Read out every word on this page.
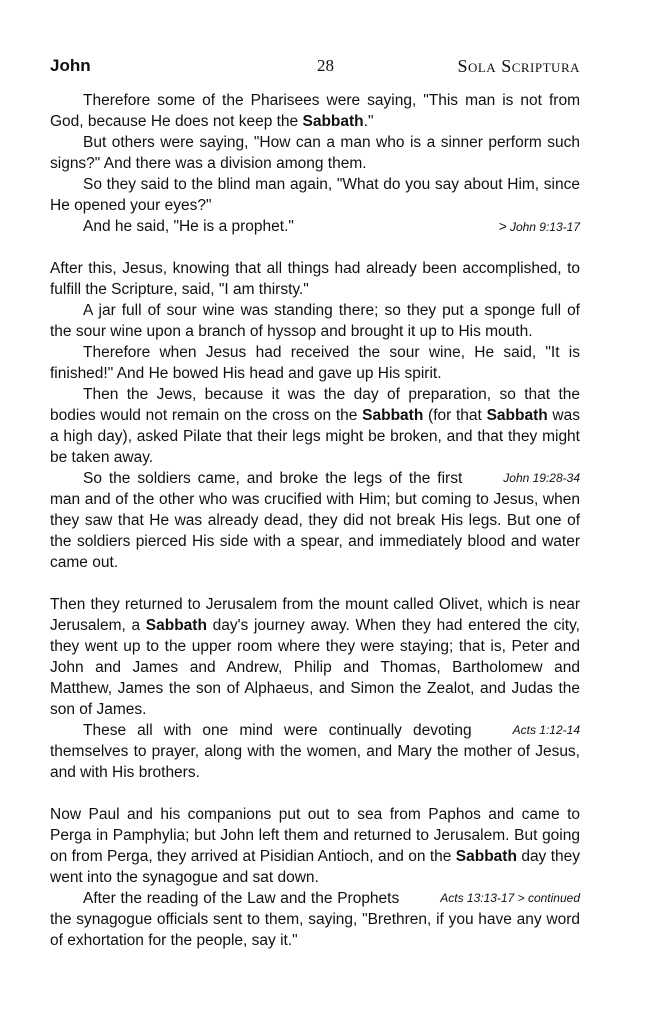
John	28	Sola Scriptura

Therefore some of the Pharisees were saying, "This man is not from God, because He does not keep the Sabbath."

But others were saying, "How can a man who is a sinner perform such signs?" And there was a division among them.

So they said to the blind man again, "What do you say about Him, since He opened your eyes?"

> John 9:13-17
And he said, "He is a prophet."

After this, Jesus, knowing that all things had already been accomplished, to fulfill the Scripture, said, "I am thirsty."

A jar full of sour wine was standing there; so they put a sponge full of the sour wine upon a branch of hyssop and brought it up to His mouth.

Therefore when Jesus had received the sour wine, He said, "It is finished!" And He bowed His head and gave up His spirit.

Then the Jews, because it was the day of preparation, so that the bodies would not remain on the cross on the Sabbath (for that Sabbath was a high day), asked Pilate that their legs might be broken, and that they might be taken away.

John 19:28-34
So the soldiers came, and broke the legs of the first man and of the other who was crucified with Him; but coming to Jesus, when they saw that He was already dead, they did not break His legs. But one of the soldiers pierced His side with a spear, and immediately blood and water came out.

Then they returned to Jerusalem from the mount called Olivet, which is near Jerusalem, a Sabbath day's journey away. When they had entered the city, they went up to the upper room where they were staying; that is, Peter and John and James and Andrew, Philip and Thomas, Bartholomew and Matthew, James the son of Alphaeus, and Simon the Zealot, and Judas the son of James.

Acts 1:12-14
These all with one mind were continually devoting themselves to prayer, along with the women, and Mary the mother of Jesus, and with His brothers.

Now Paul and his companions put out to sea from Paphos and came to Perga in Pamphylia; but John left them and returned to Jerusalem. But going on from Perga, they arrived at Pisidian Antioch, and on the Sabbath day they went into the synagogue and sat down.

Acts 13:13-17 > continued
After the reading of the Law and the Prophets the synagogue officials sent to them, saying, "Brethren, if you have any word of exhortation for the people, say it."
